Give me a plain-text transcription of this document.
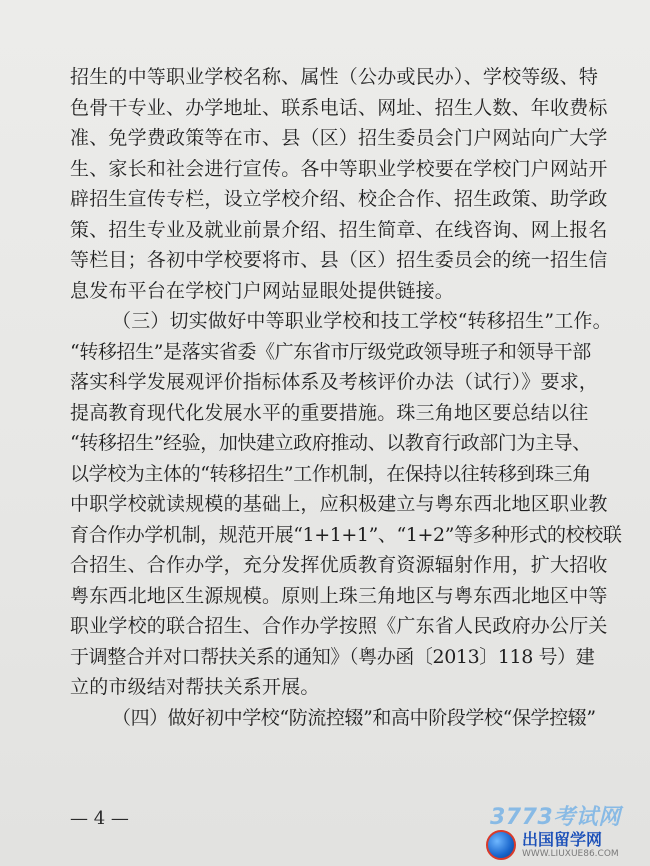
招生的中等职业学校名称、属性（公办或民办）、学校等级、特
色骨干专业、办学地址、联系电话、网址、招生人数、年收费标
准、免学费政策等在市、县（区）招生委员会门户网站向广大学
生、家长和社会进行宣传。各中等职业学校要在学校门户网站开
辟招生宣传专栏，设立学校介绍、校企合作、招生政策、助学政
策、招生专业及就业前景介绍、招生简章、在线咨询、网上报名
等栏目；各初中学校要将市、县（区）招生委员会的统一招生信
息发布平台在学校门户网站显眼处提供链接。
（三）切实做好中等职业学校和技工学校“转移招生”工作。
“转移招生”是落实省委《广东省市厅级党政领导班子和领导干部
落实科学发展观评价指标体系及考核评价办法（试行）》要求，
提高教育现代化发展水平的重要措施。珠三角地区要总结以往
“转移招生”经验，加快建立政府推动、以教育行政部门为主导、
以学校为主体的“转移招生”工作机制，在保持以往转移到珠三角
中职学校就读规模的基础上，应积极建立与粤东西北地区职业教
育合作办学机制，规范开展“1+1+1”、“1+2”等多种形式的校校联
合招生、合作办学，充分发挥优质教育资源辐射作用，扩大招收
粤东西北地区生源规模。原则上珠三角地区与粤东西北地区中等
职业学校的联合招生、合作办学按照《广东省人民政府办公厅关
于调整合并对口帮扶关系的通知》（粤办函〔2013〕118 号）建
立的市级结对帮扶关系开展。
（四）做好初中学校“防流控辍”和高中阶段学校“保学控辍”
— 4 —	3773考试网
出国留学网
WWW.LIUXUE86.COM
